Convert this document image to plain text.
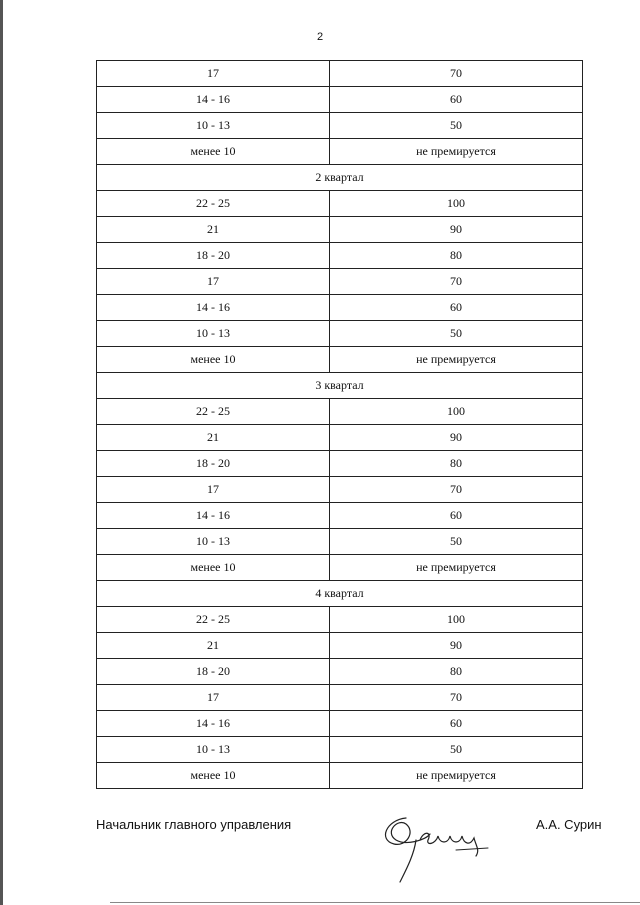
2
17	70
14 - 16	60
10 - 13	50
менее 10	не премируется
2 квартал	
22 - 25	100
21	90
18 - 20	80
17	70
14 - 16	60
10 - 13	50
менее 10	не премируется
3 квартал	
22 - 25	100
21	90
18 - 20	80
17	70
14 - 16	60
10 - 13	50
менее 10	не премируется
4 квартал	
22 - 25	100
21	90
18 - 20	80
17	70
14 - 16	60
10 - 13	50
менее 10	не премируется
Начальник главного управления	А.А. Сурин
